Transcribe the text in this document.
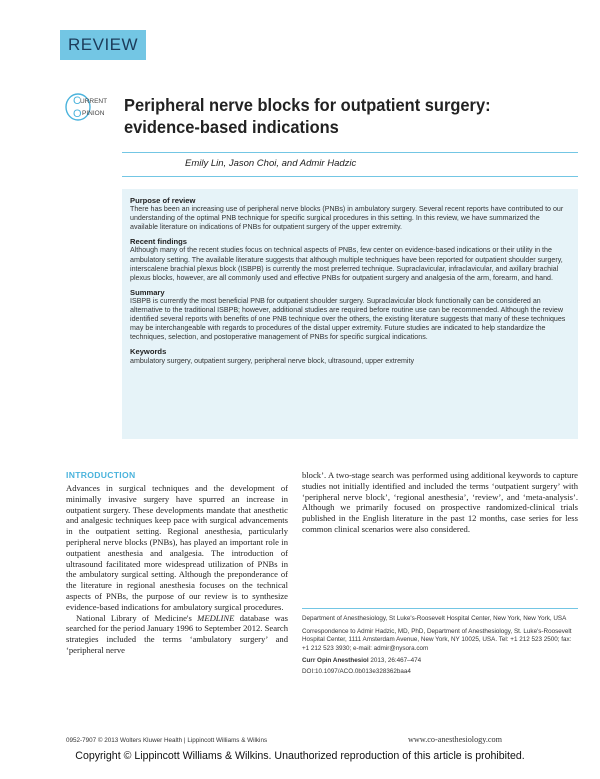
REVIEW
C URRENT
O PINION Peripheral nerve blocks for outpatient surgery:
evidence-based indications
Emily Lin, Jason Choi, and Admir Hadzic

Purpose of review

There has been an increasing use of peripheral nerve blocks (PNBs) in ambulatory surgery. Several recent reports have contributed to our understanding of the optimal PNB technique for specific surgical procedures in this setting. In this review, we have summarized the available literature on indications of PNBs for outpatient surgery of the upper extremity.

Recent findings

Although many of the recent studies focus on technical aspects of PNBs, few center on evidence-based indications or their utility in the ambulatory setting. The available literature suggests that although multiple techniques have been reported for outpatient shoulder surgery, interscalene brachial plexus block (ISBPB) is currently the most preferred technique. Supraclavicular, infraclavicular, and axillary brachial plexus blocks, however, are all commonly used and effective PNBs for outpatient surgery and analgesia of the arm, forearm, and hand.

Summary

ISBPB is currently the most beneficial PNB for outpatient shoulder surgery. Supraclavicular block functionally can be considered an alternative to the traditional ISBPB; however, additional studies are required before routine use can be recommended. Although the review identified several reports with benefits of one PNB technique over the others, the existing literature suggests that many of these techniques may be interchangeable with regards to procedures of the distal upper extremity. Future studies are indicated to help standardize the techniques, selection, and postoperative management of PNBs for specific surgical indications.

Keywords

ambulatory surgery, outpatient surgery, peripheral nerve block, ultrasound, upper extremity

INTRODUCTION

Advances in surgical techniques and the development of minimally invasive surgery have spurred an increase in outpatient surgery. These developments mandate that anesthetic and analgesic techniques keep pace with surgical advancements in the outpatient setting. Regional anesthesia, particularly peripheral nerve blocks (PNBs), has played an important role in outpatient anesthesia and analgesia. The introduction of ultrasound facilitated more widespread utilization of PNBs in the ambulatory surgical setting. Although the preponderance of the literature in regional anesthesia focuses on the technical aspects of PNBs, the purpose of our review is to synthesize evidence-based indications for ambulatory surgical procedures.

National Library of Medicine's MEDLINE database was searched for the period January 1996 to September 2012. Search strategies included the terms ‘ambulatory surgery’ and ‘peripheral nerve

block’. A two-stage search was performed using additional keywords to capture studies not initially identified and included the terms ‘outpatient surgery’ with ‘peripheral nerve block’, ‘regional anesthesia’, ‘review’, and ‘meta-analysis’. Although we primarily focused on prospective randomized-clinical trials published in the English literature in the past 12 months, case series for less common clinical scenarios were also considered.

Department of Anesthesiology, St Luke's-Roosevelt Hospital Center, New York, New York, USA

Correspondence to Admir Hadzic, MD, PhD, Department of Anesthesiology, St. Luke's-Roosevelt Hospital Center, 1111 Amsterdam Avenue, New York, NY 10025, USA. Tel: +1 212 523 2500; fax: +1 212 523 3930; e-mail: admir@nysora.com

Curr Opin Anesthesiol 2013, 26:467–474

DOI:10.1097/ACO.0b013e328362baa4

0952-7907 © 2013 Wolters Kluwer Health | Lippincott Williams & Wilkins	www.co-anesthesiology.com
Copyright © Lippincott Williams & Wilkins. Unauthorized reproduction of this article is prohibited.
